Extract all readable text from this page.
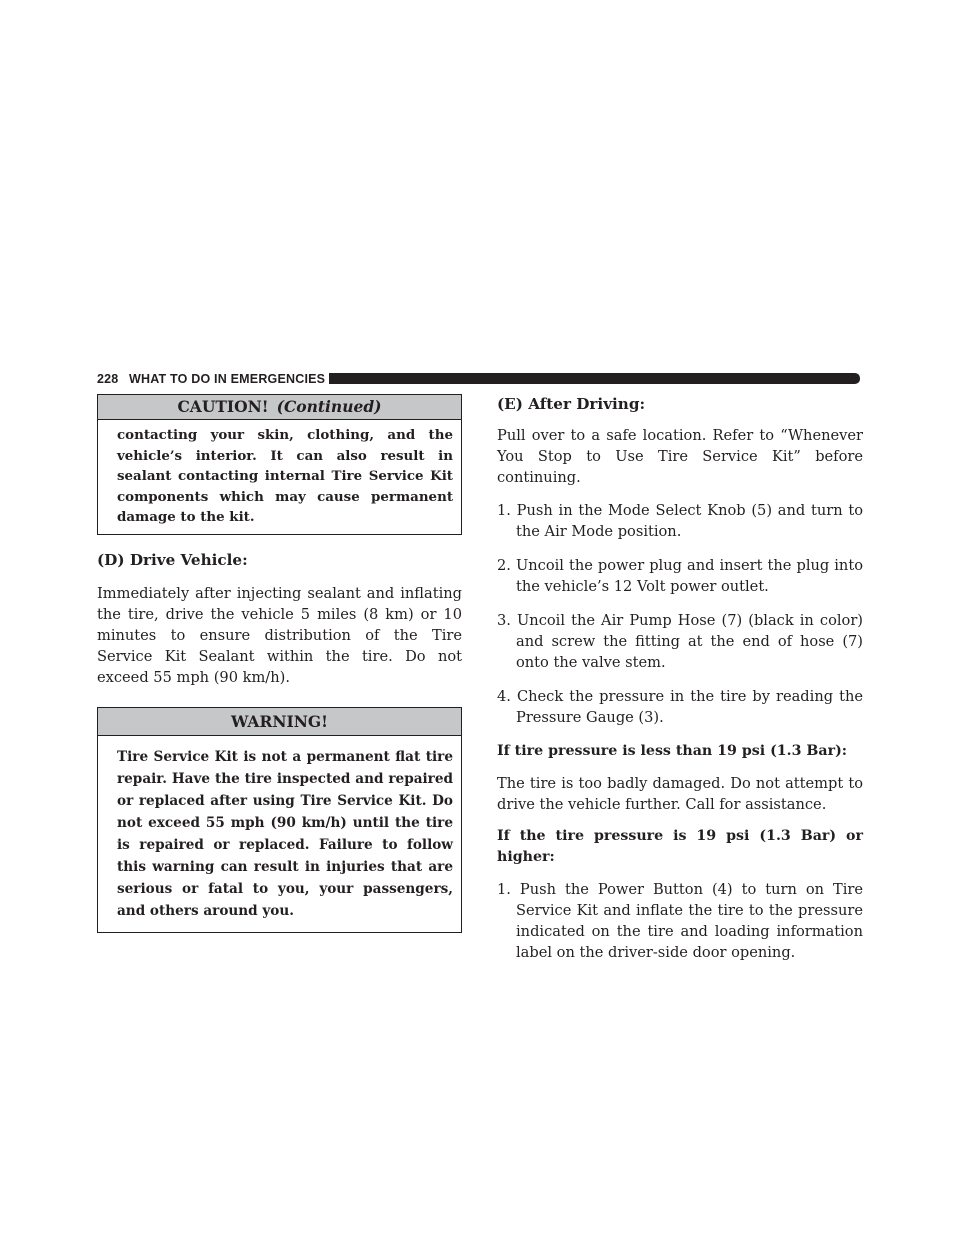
228 WHAT TO DO IN EMERGENCIES
CAUTION! (Continued)
contacting your skin, clothing, and the vehicle’s interior. It can also result in sealant contacting internal Tire Service Kit components which may cause permanent damage to the kit.
(D) Drive Vehicle:

Immediately after injecting sealant and inflating the tire, drive the vehicle 5 miles (8 km) or 10 minutes to ensure distribution of the Tire Service Kit Sealant within the tire. Do not exceed 55 mph (90 km/h).

WARNING!
Tire Service Kit is not a permanent flat tire repair. Have the tire inspected and repaired or replaced after using Tire Service Kit. Do not exceed 55 mph (90 km/h) until the tire is repaired or replaced. Failure to follow this warning can result in injuries that are serious or fatal to you, your passengers, and others around you.
(E) After Driving:

Pull over to a safe location. Refer to “Whenever You Stop to Use Tire Service Kit” before continuing.

1. Push in the Mode Select Knob (5) and turn to the Air Mode position.
2. Uncoil the power plug and insert the plug into the vehicle’s 12 Volt power outlet.
3. Uncoil the Air Pump Hose (7) (black in color) and screw the fitting at the end of hose (7) onto the valve stem.
4. Check the pressure in the tire by reading the Pressure Gauge (3).

If tire pressure is less than 19 psi (1.3 Bar):

The tire is too badly damaged. Do not attempt to drive the vehicle further. Call for assistance.

If the tire pressure is 19 psi (1.3 Bar) or higher:

1. Push the Power Button (4) to turn on Tire Service Kit and inflate the tire to the pressure indicated on the tire and loading information label on the driver-side door opening.
